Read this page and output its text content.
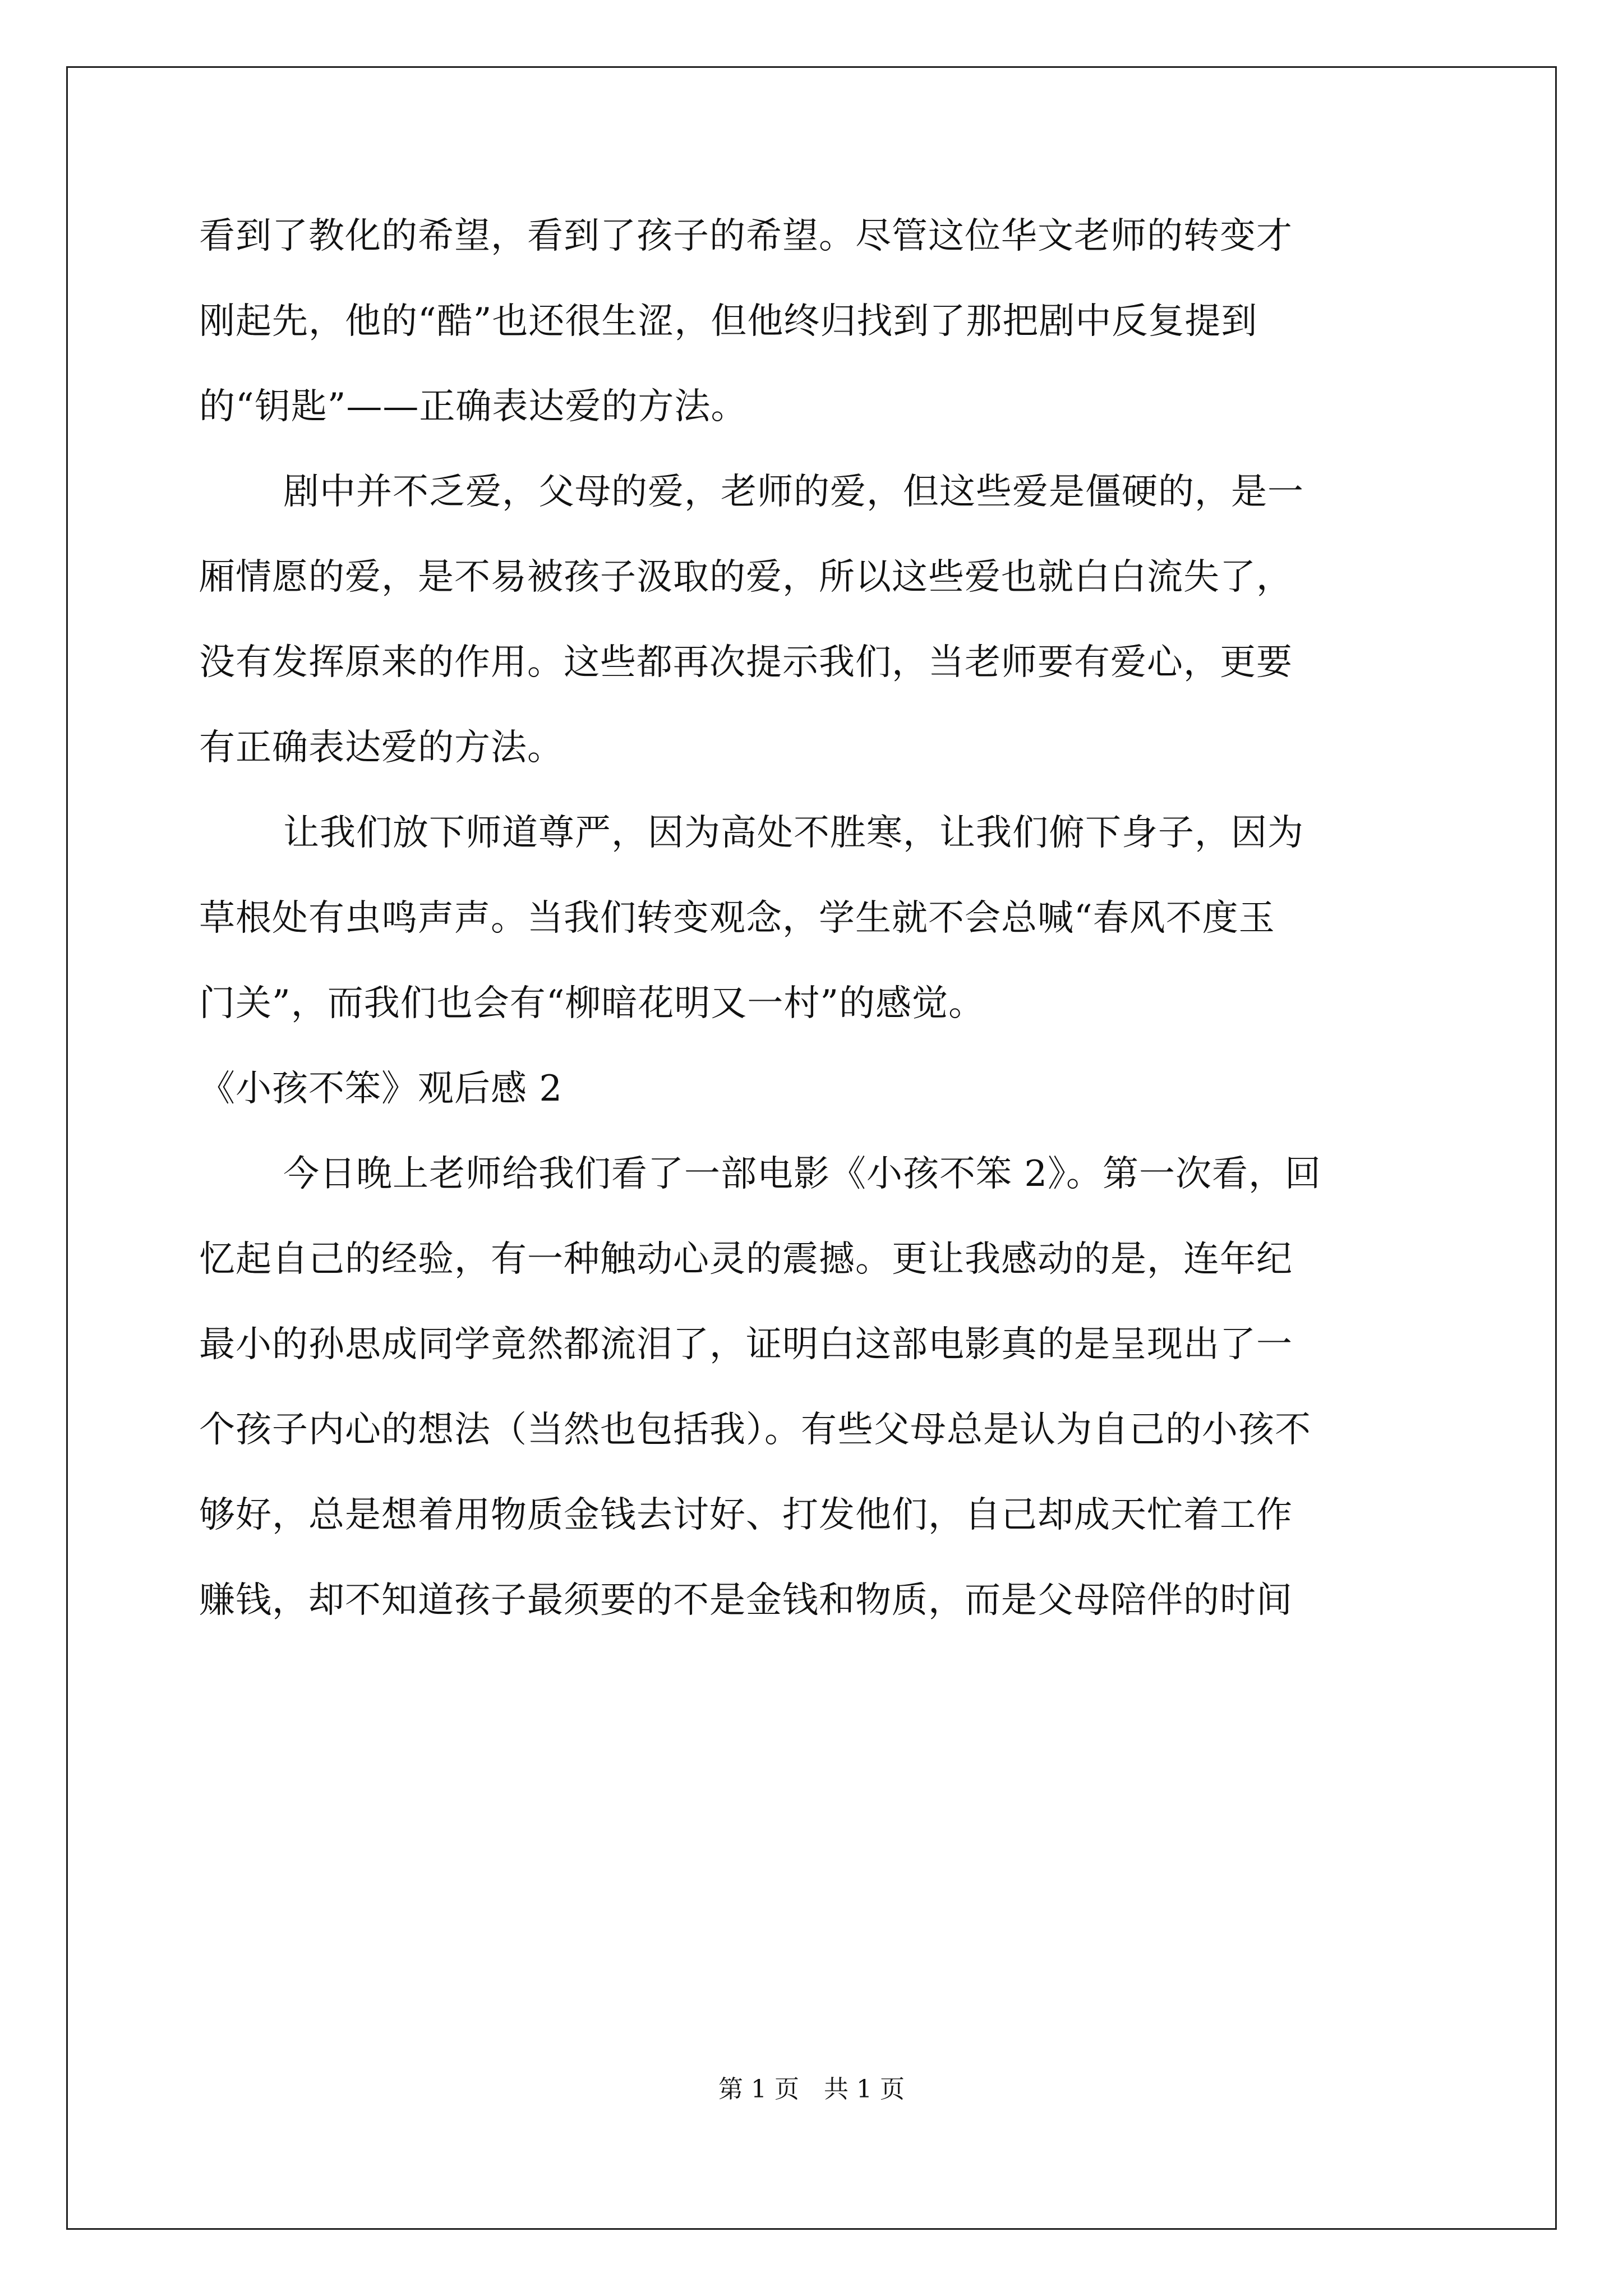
看到了教化的希望，看到了孩子的希望。尽管这位华文老师的转变才
刚起先，他的“酷”也还很生涩，但他终归找到了那把剧中反复提到
的“钥匙”——正确表达爱的方法。
剧中并不乏爱，父母的爱，老师的爱，但这些爱是僵硬的，是一
厢情愿的爱，是不易被孩子汲取的爱，所以这些爱也就白白流失了，
没有发挥原来的作用。这些都再次提示我们，当老师要有爱心，更要
有正确表达爱的方法。
让我们放下师道尊严，因为高处不胜寒，让我们俯下身子，因为
草根处有虫鸣声声。当我们转变观念，学生就不会总喊“春风不度玉
门关”，而我们也会有“柳暗花明又一村”的感觉。
《小孩不笨》观后感 2
今日晚上老师给我们看了一部电影《小孩不笨 2》。第一次看，回
忆起自己的经验，有一种触动心灵的震撼。更让我感动的是，连年纪
最小的孙思成同学竟然都流泪了，证明白这部电影真的是呈现出了一
个孩子内心的想法（当然也包括我）。有些父母总是认为自己的小孩不
够好，总是想着用物质金钱去讨好、打发他们，自己却成天忙着工作
赚钱，却不知道孩子最须要的不是金钱和物质，而是父母陪伴的时间
第 1 页　共 1 页
